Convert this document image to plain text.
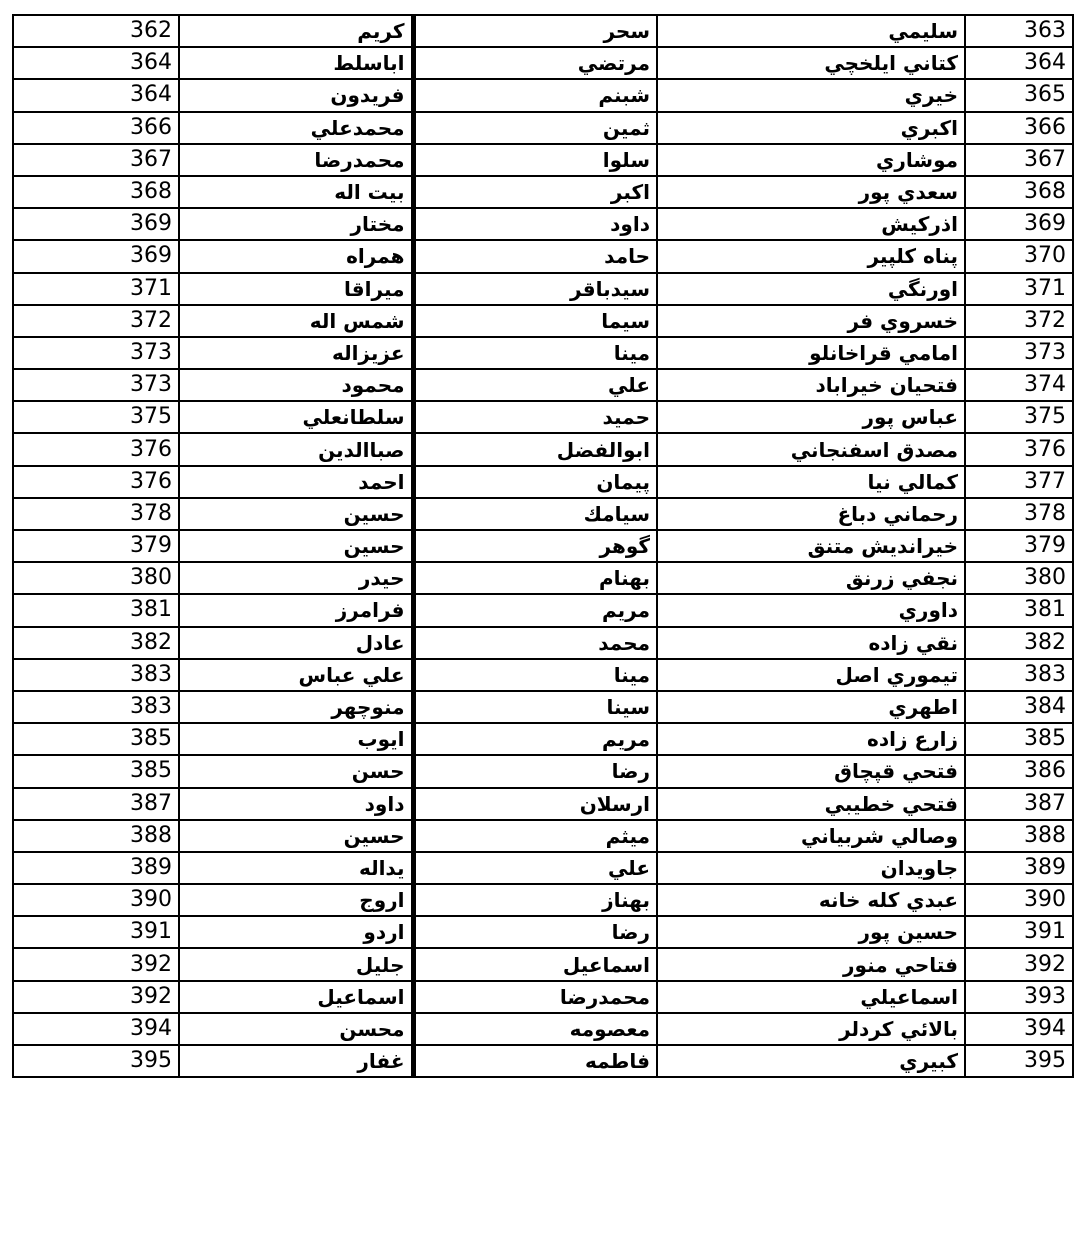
362	كريم	سحر	سليمي	363
364	اباسلط	مرتضي	كتاني ايلخچي	364
364	فريدون	شبنم	خيري	365
366	محمدعلي	ثمين	اكبري	366
367	محمدرضا	سلوا	موشاري	367
368	بيت اله	اكبر	سعدي پور	368
369	مختار	داود	اذركيش	369
369	همراه	حامد	پناه كلپير	370
371	ميراقا	سيدباقر	اورنگي	371
372	شمس اله	سيما	خسروي فر	372
373	عزيزاله	مينا	امامي قراخانلو	373
373	محمود	علي	فتحيان خيراباد	374
375	سلطانعلي	حميد	عباس پور	375
376	صباالدين	ابوالفضل	مصدق اسفنجاني	376
376	احمد	پيمان	كمالي نيا	377
378	حسين	سيامك	رحماني دباغ	378
379	حسين	گوهر	خيرانديش متنق	379
380	حيدر	بهنام	نجفي زرنق	380
381	فرامرز	مريم	داوري	381
382	عادل	محمد	نقي زاده	382
383	علي عباس	مينا	تيموري اصل	383
383	منوچهر	سينا	اطهري	384
385	ايوب	مريم	زارع زاده	385
385	حسن	رضا	فتحي قپچاق	386
387	داود	ارسلان	فتحي خطيبي	387
388	حسين	ميثم	وصالي شربياني	388
389	يداله	علي	جاويدان	389
390	اروج	بهناز	عبدي كله خانه	390
391	اردو	رضا	حسين پور	391
392	جليل	اسماعيل	فتاحي منور	392
392	اسماعيل	محمدرضا	اسماعيلي	393
394	محسن	معصومه	بالائي كردلر	394
395	غفار	فاطمه	كبيري	395
